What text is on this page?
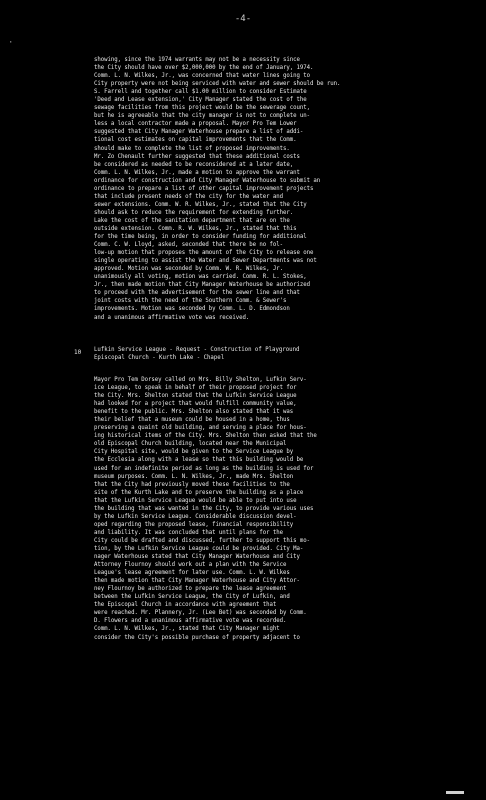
-4-
·
showing, since the 1974 warrants may not be a necessity since
the City should have over $2,000,000 by the end of January, 1974.
Comm. L. N. Wilkes, Jr., was concerned that water lines going to
City property were not being serviced with water and sewer should be run.
S. Farrell and together call $1.00 million to consider Estimate
'Deed and Lease extension,' City Manager stated the cost of the
sewage facilities from this project would be the sewerage count,
but he is agreeable that the city manager is not to complete un-
less a local contractor made a proposal. Mayor Pro Tem Lower
suggested that City Manager Waterhouse prepare a list of addi-
tional cost estimates on capital improvements that the Comm.
should make to complete the list of proposed improvements.
Mr. Zo Chenault further suggested that these additional costs
be considered as needed to be reconsidered at a later date,
Comm. L. N. Wilkes, Jr., made a motion to approve the warrant
ordinance for construction and City Manager Waterhouse to submit an
ordinance to prepare a list of other capital improvement projects
that include present needs of the city for the water and
sewer extensions. Comm. W. R. Wilkes, Jr., stated that the City
should ask to reduce the requirement for extending further.
Lake the cost of the sanitation department that are on the
outside extension. Comm. R. W. Wilkes, Jr., stated that this
for the time being, in order to consider funding for additional
Comm. C. W. Lloyd, asked, seconded that there be no fol-
low-up motion that proposes the amount of the City to release one
single operating to assist the Water and Sewer Departments was not
approved. Motion was seconded by Comm. W. R. Wilkes, Jr.
unanimously all voting, motion was carried. Comm. R. L. Stokes,
Jr., then made motion that City Manager Waterhouse be authorized
to proceed with the advertisement for the sewer line and that
joint costs with the need of the Southern Comm. & Sewer's
improvements. Motion was seconded by Comm. L. D. Edmondson
and a unanimous affirmative vote was received.
10 Lufkin Service League - Request - Construction of Playground
Episcopal Church - Kurth Lake - Chapel
Mayor Pro Tem Dorsey called on Mrs. Billy Shelton, Lufkin Serv-
ice League, to speak in behalf of their proposed project for
the City. Mrs. Shelton stated that the Lufkin Service League
had looked for a project that would fulfill community value,
benefit to the public. Mrs. Shelton also stated that it was
their belief that a museum could be housed in a home, thus
preserving a quaint old building, and serving a place for hous-
ing historical items of the City. Mrs. Shelton then asked that the
old Episcopal Church building, located near the Municipal
City Hospital site, would be given to the Service League by
the Ecclesia along with a lease so that this building would be
used for an indefinite period as long as the building is used for
museum purposes. Comm. L. N. Wilkes, Jr., made Mrs. Shelton
that the City had previously moved these facilities to the
site of the Kurth Lake and to preserve the building as a place
that the Lufkin Service League would be able to put into use
the building that was wanted in the City, to provide various uses
by the Lufkin Service League. Considerable discussion devel-
oped regarding the proposed lease, financial responsibility
and liability. It was concluded that until plans for the
City could be drafted and discussed, further to support this mo-
tion, by the Lufkin Service League could be provided. City Ma-
nager Waterhouse stated that City Manager Waterhouse and City
Attorney Flournoy should work out a plan with the Service
League's lease agreement for later use. Comm. L. W. Wilkes
then made motion that City Manager Waterhouse and City Attor-
ney Flournoy be authorized to prepare the lease agreement
between the Lufkin Service League, the City of Lufkin, and
the Episcopal Church in accordance with agreement that
were reached. Mr. Plannery, Jr. (Lee Bet) was seconded by Comm.
D. Flowers and a unanimous affirmative vote was recorded.
Comm. L. N. Wilkes, Jr., stated that City Manager might
consider the City's possible purchase of property adjacent to
